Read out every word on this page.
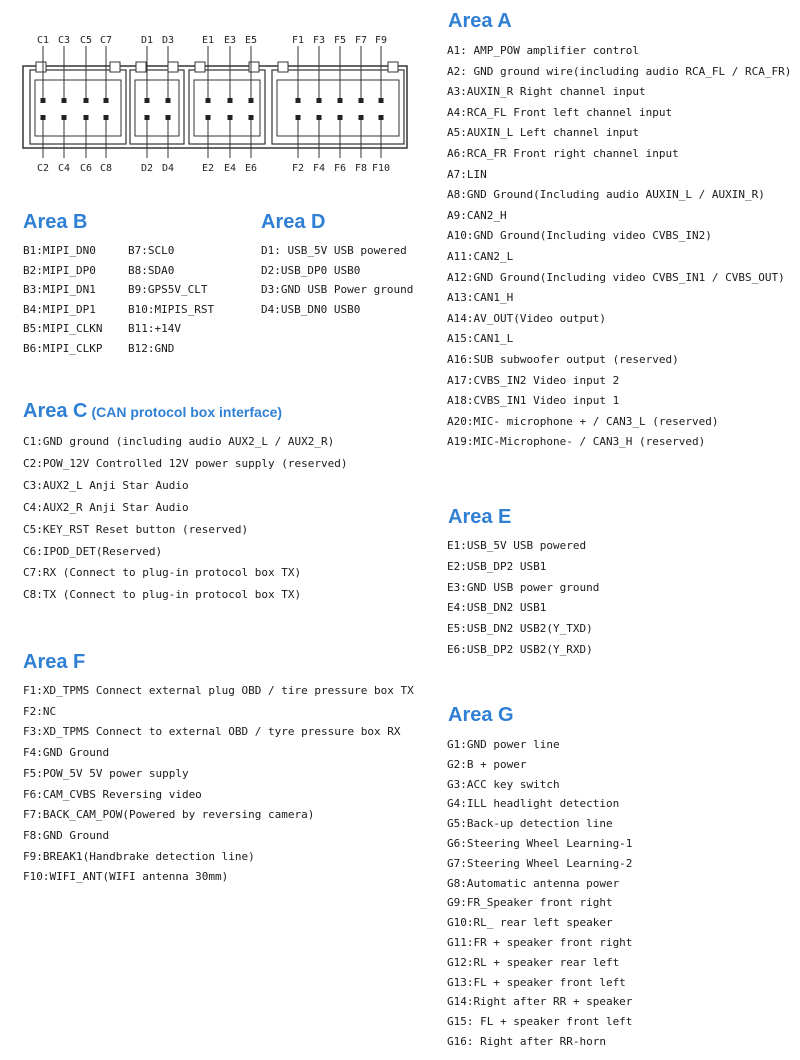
C1
C2
C3
C4
C5
C6
C7
C8
D1
D2
D3
D4
E1
E2
E3
E4
E5
E6
F1
F2
F3
F4
F5
F6
F7
F8
F9
F10
Area A
A1: AMP_POW amplifier control
A2: GND ground wire(including audio RCA_FL / RCA_FR)
A3:AUXIN_R Right channel input
A4:RCA_FL Front left channel input
A5:AUXIN_L Left channel input
A6:RCA_FR Front right channel input
A7:LIN
A8:GND Ground(Including audio AUXIN_L / AUXIN_R)
A9:CAN2_H
A10:GND Ground(Including video CVBS_IN2)
A11:CAN2_L
A12:GND Ground(Including video CVBS_IN1 / CVBS_OUT)
A13:CAN1_H
A14:AV_OUT(Video output)
A15:CAN1_L
A16:SUB subwoofer output (reserved)
A17:CVBS_IN2 Video input 2
A18:CVBS_IN1 Video input 1
A20:MIC- microphone + / CAN3_L (reserved)
A19:MIC-Microphone- / CAN3_H (reserved)
Area B
B1:MIPI_DN0
B2:MIPI_DP0
B3:MIPI_DN1
B4:MIPI_DP1
B5:MIPI_CLKN
B6:MIPI_CLKP
B7:SCL0
B8:SDA0
B9:GPS5V_CLT
B10:MIPIS_RST
B11:+14V
B12:GND
Area D
D1: USB_5V USB powered
D2:USB_DP0 USB0
D3:GND USB Power ground
D4:USB_DN0 USB0
Area C (CAN protocol box interface)
C1:GND ground (including audio AUX2_L / AUX2_R)
C2:POW_12V Controlled 12V power supply (reserved)
C3:AUX2_L Anji Star Audio
C4:AUX2_R Anji Star Audio
C5:KEY_RST Reset button (reserved)
C6:IPOD_DET(Reserved)
C7:RX (Connect to plug-in protocol box TX)
C8:TX (Connect to plug-in protocol box TX)
Area E
E1:USB_5V USB powered
E2:USB_DP2 USB1
E3:GND USB power ground
E4:USB_DN2 USB1
E5:USB_DN2 USB2(Y_TXD)
E6:USB_DP2 USB2(Y_RXD)
Area F
F1:XD_TPMS Connect external plug OBD / tire pressure box TX
F2:NC
F3:XD_TPMS Connect to external OBD / tyre pressure box RX
F4:GND Ground
F5:POW_5V 5V power supply
F6:CAM_CVBS Reversing video
F7:BACK_CAM_POW(Powered by reversing camera)
F8:GND Ground
F9:BREAK1(Handbrake detection line)
F10:WIFI_ANT(WIFI antenna 30mm)
Area G
G1:GND power line
G2:B + power
G3:ACC key switch
G4:ILL headlight detection
G5:Back-up detection line
G6:Steering Wheel Learning-1
G7:Steering Wheel Learning-2
G8:Automatic antenna power
G9:FR_Speaker front right
G10:RL_ rear left speaker
G11:FR + speaker front right
G12:RL + speaker rear left
G13:FL + speaker front left
G14:Right after RR + speaker
G15: FL + speaker front left
G16: Right after RR-horn
